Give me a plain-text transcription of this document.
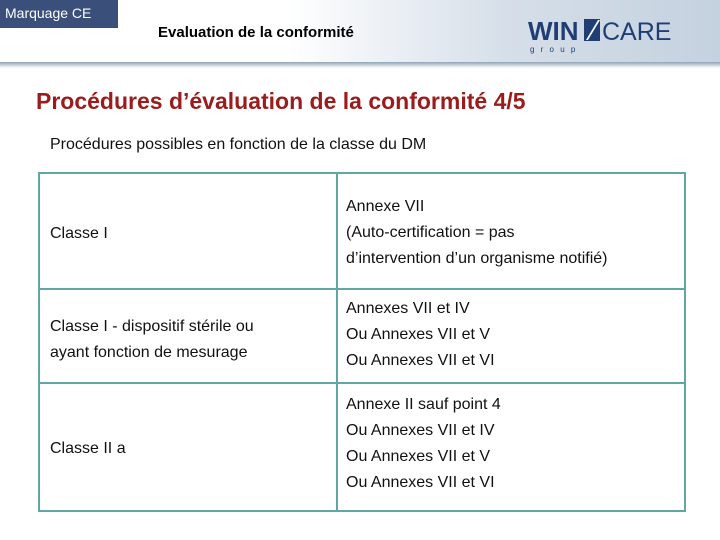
Marquage CE
Evaluation de la conformité	WIN CARE
g r o u p
Procédures d’évaluation de la conformité 4/5
Procédures possibles en fonction de la classe du DM
Classe I
Annexe VII
(Auto-certification = pas
d’intervention d’un organisme notifié)
Classe I - dispositif stérile ou
ayant fonction de mesurage
Annexes VII et IV
Ou Annexes VII et V
Ou Annexes VII et VI
Classe II a
Annexe II sauf point 4
Ou Annexes VII et IV
Ou Annexes VII et V
Ou Annexes VII et VI
